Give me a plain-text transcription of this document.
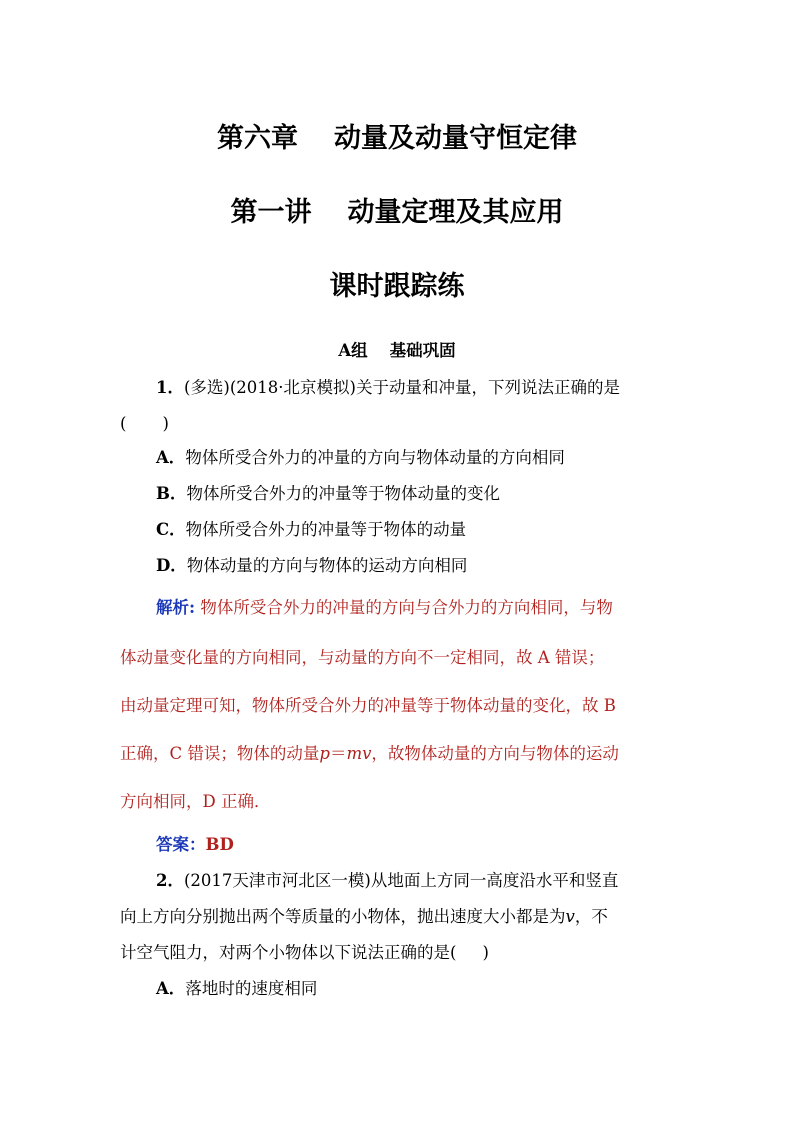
第六章 动量及动量守恒定律
第一讲 动量定理及其应用
课时跟踪练
A组 基础巩固
1．(多选)(2018·北京模拟)关于动量和冲量，下列说法正确的是
( )
A．物体所受合外力的冲量的方向与物体动量的方向相同
B．物体所受合外力的冲量等于物体动量的变化
C．物体所受合外力的冲量等于物体的动量
D．物体动量的方向与物体的运动方向相同
解析: 物体所受合外力的冲量的方向与合外力的方向相同，与物
体动量变化量的方向相同，与动量的方向不一定相同，故 A 错误；
由动量定理可知，物体所受合外力的冲量等于物体动量的变化，故 B
正确，C 错误；物体的动量p＝mv，故物体动量的方向与物体的运动
方向相同，D 正确．
答案：BD
2．(2017天津市河北区一模)从地面上方同一高度沿水平和竖直
向上方向分别抛出两个等质量的小物体，抛出速度大小都是为v，不
计空气阻力，对两个小物体以下说法正确的是( )
A．落地时的速度相同
